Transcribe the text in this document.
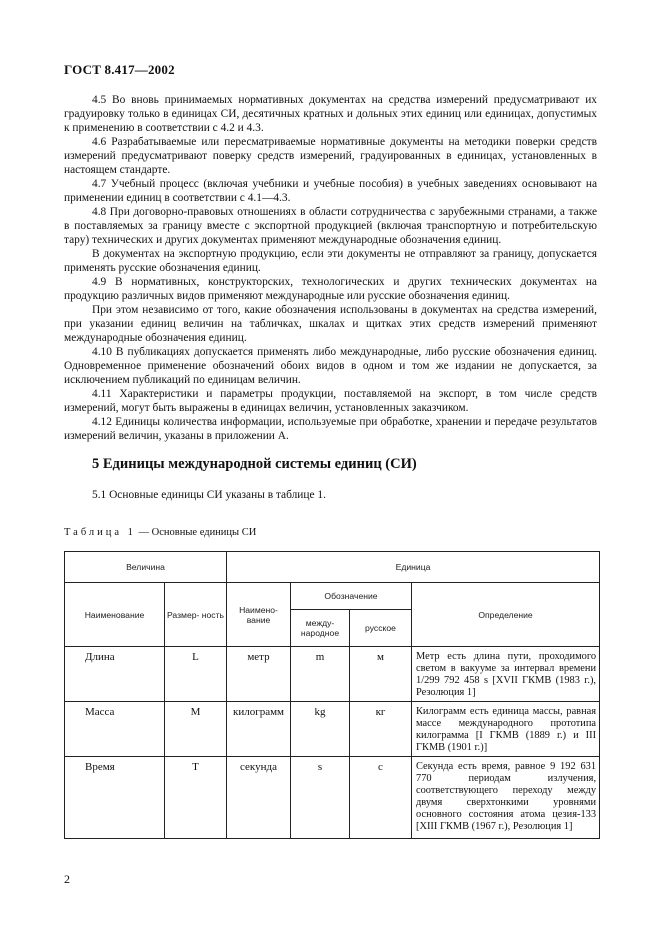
ГОСТ 8.417—2002

4.5 Во вновь принимаемых нормативных документах на средства измерений предусматривают их градуировку только в единицах СИ, десятичных кратных и дольных этих единиц или единицах, допустимых к применению в соответствии с 4.2 и 4.3.

4.6 Разрабатываемые или пересматриваемые нормативные документы на методики поверки средств измерений предусматривают поверку средств измерений, градуированных в единицах, установленных в настоящем стандарте.

4.7 Учебный процесс (включая учебники и учебные пособия) в учебных заведениях основывают на применении единиц в соответствии с 4.1—4.3.

4.8 При договорно-правовых отношениях в области сотрудничества с зарубежными странами, а также в поставляемых за границу вместе с экспортной продукцией (включая транспортную и потребительскую тару) технических и других документах применяют международные обозначения единиц.

В документах на экспортную продукцию, если эти документы не отправляют за границу, допускается применять русские обозначения единиц.

4.9 В нормативных, конструкторских, технологических и других технических документах на продукцию различных видов применяют международные или русские обозначения единиц.

При этом независимо от того, какие обозначения использованы в документах на средства измерений, при указании единиц величин на табличках, шкалах и щитках этих средств измерений применяют международные обозначения единиц.

4.10 В публикациях допускается применять либо международные, либо русские обозначения единиц. Одновременное применение обозначений обоих видов в одном и том же издании не допускается, за исключением публикаций по единицам величин.

4.11 Характеристики и параметры продукции, поставляемой на экспорт, в том числе средств измерений, могут быть выражены в единицах величин, установленных заказчиком.

4.12 Единицы количества информации, используемые при обработке, хранении и передаче результатов измерений величин, указаны в приложении А.

5 Единицы международной системы единиц (СИ)
5.1 Основные единицы СИ указаны в таблице 1.
Таблица 1 — Основные единицы СИ
Величина		Единица			
Наименование	Размер- ность	Наимено- вание	Обозначение		Определение
			между- народное	русское	
Длина	L	метр	m	м	Метр есть длина пути, проходимого светом в вакууме за интервал времени 1/299 792 458 s [XVII ГКМВ (1983 г.), Резолюция 1]
Масса	M	килограмм	kg	кг	Килограмм есть единица массы, равная массе международного прототипа килограмма [I ГКМВ (1889 г.) и III ГКМВ (1901 г.)]
Время	T	секунда	s	с	Секунда есть время, равное 9 192 631 770 периодам излучения, соответствующего переходу между двумя сверхтонкими уровнями основного состояния атома цезия-133 [XIII ГКМВ (1967 г.), Резолюция 1]
2
